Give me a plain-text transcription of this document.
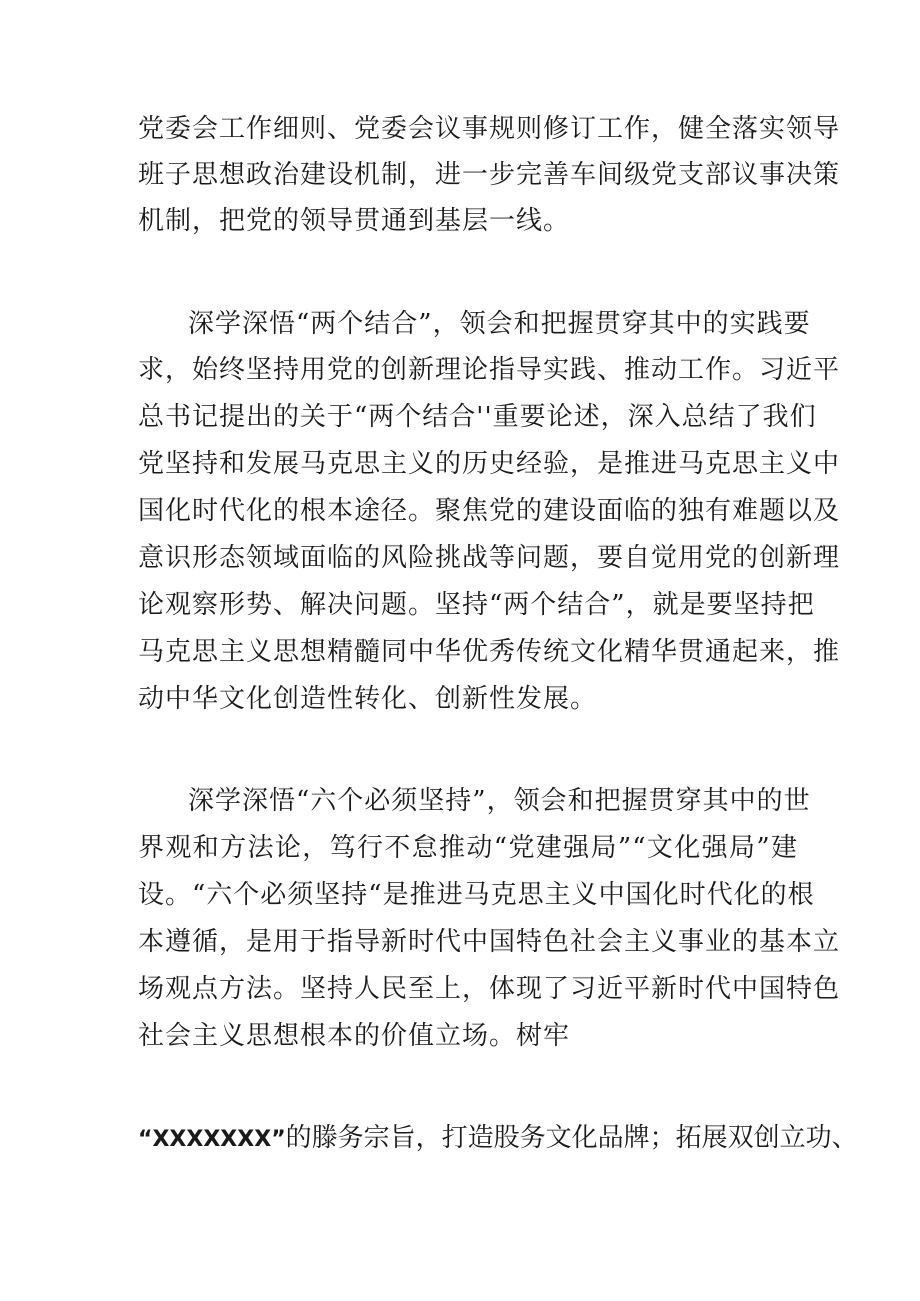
党委会工作细则、党委会议事规则修订工作，健全落实领导
班子思想政治建设机制，进一步完善车间级党支部议事决策
机制，把党的领导贯通到基层一线。
深学深悟“两个结合”，领会和把握贯穿其中的实践要
求，始终坚持用党的创新理论指导实践、推动工作。习近平
总书记提出的关于“两个结合''重要论述，深入总结了我们
党坚持和发展马克思主义的历史经验，是推进马克思主义中
国化时代化的根本途径。聚焦党的建设面临的独有难题以及
意识形态领域面临的风险挑战等问题，要自觉用党的创新理
论观察形势、解决问题。坚持“两个结合”，就是要坚持把
马克思主义思想精髓同中华优秀传统文化精华贯通起来，推
动中华文化创造性转化、创新性发展。
深学深悟“六个必须坚持”，领会和把握贯穿其中的世
界观和方法论，笃行不怠推动“党建强局”“文化强局”建
设。“六个必须坚持“是推进马克思主义中国化时代化的根
本遵循，是用于指导新时代中国特色社会主义事业的基本立
场观点方法。坚持人民至上，体现了习近平新时代中国特色
社会主义思想根本的价值立场。树牢
“XXXXXXX”的滕务宗旨，打造股务文化品牌；拓展双创立功、
